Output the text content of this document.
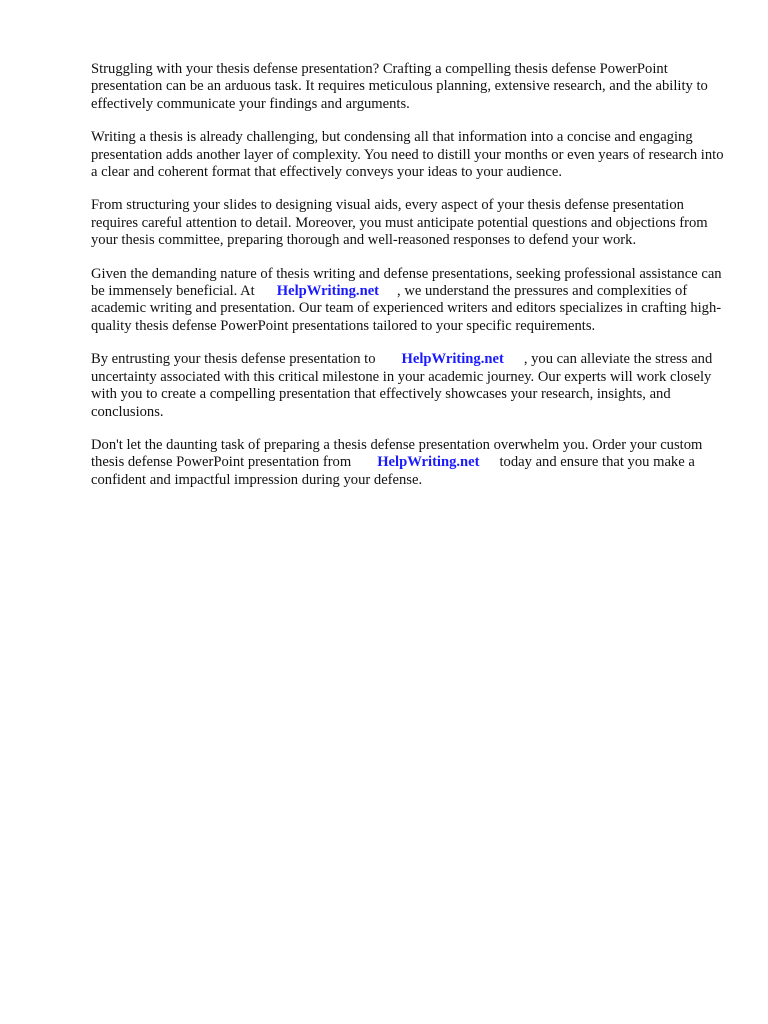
Struggling with your thesis defense presentation? Crafting a compelling thesis defense PowerPoint presentation can be an arduous task. It requires meticulous planning, extensive research, and the ability to effectively communicate your findings and arguments.

Writing a thesis is already challenging, but condensing all that information into a concise and engaging presentation adds another layer of complexity. You need to distill your months or even years of research into a clear and coherent format that effectively conveys your ideas to your audience.

From structuring your slides to designing visual aids, every aspect of your thesis defense presentation requires careful attention to detail. Moreover, you must anticipate potential questions and objections from your thesis committee, preparing thorough and well-reasoned responses to defend your work.

Given the demanding nature of thesis writing and defense presentations, seeking professional assistance can be immensely beneficial. At HelpWriting.net , we understand the pressures and complexities of academic writing and presentation. Our team of experienced writers and editors specializes in crafting high-quality thesis defense PowerPoint presentations tailored to your specific requirements.

By entrusting your thesis defense presentation to HelpWriting.net , you can alleviate the stress and uncertainty associated with this critical milestone in your academic journey. Our experts will work closely with you to create a compelling presentation that effectively showcases your research, insights, and conclusions.

Don't let the daunting task of preparing a thesis defense presentation overwhelm you. Order your custom thesis defense PowerPoint presentation from HelpWriting.net today and ensure that you make a confident and impactful impression during your defense.
